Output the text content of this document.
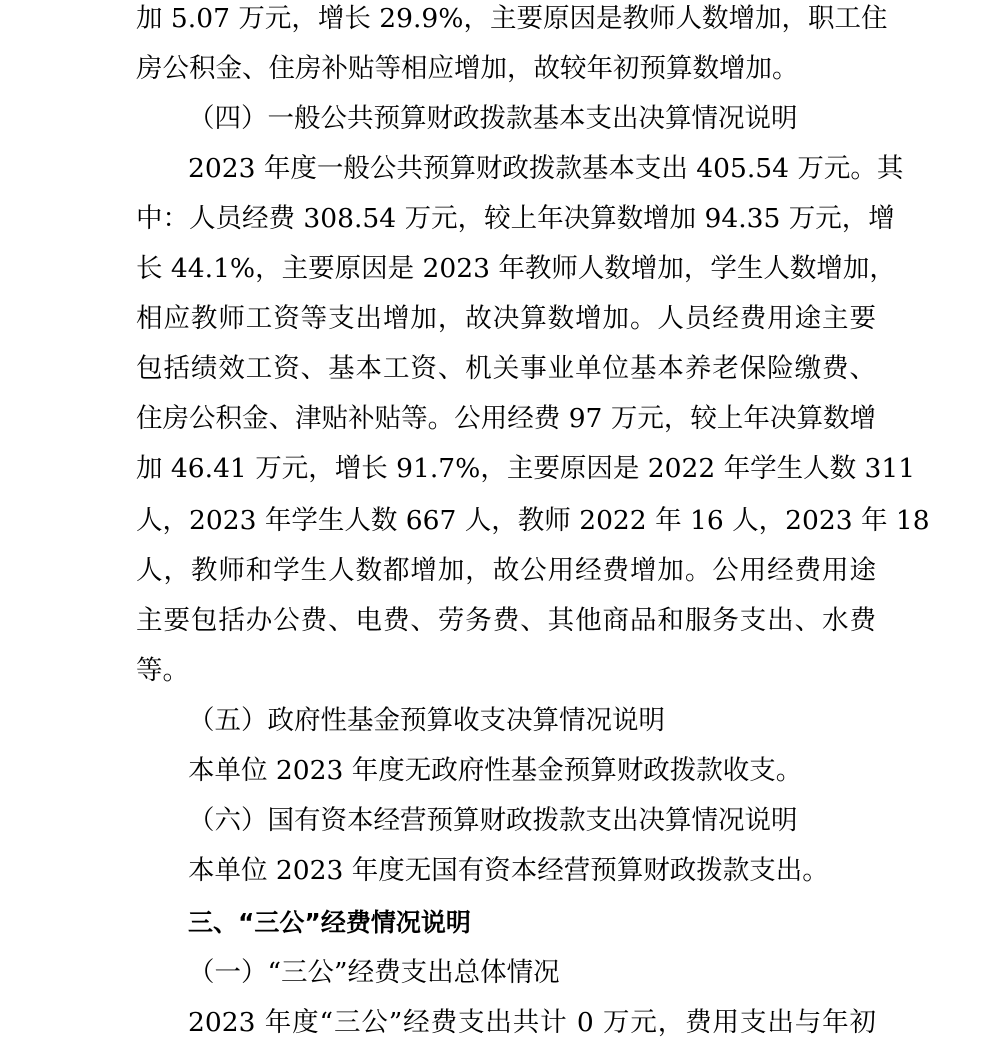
加 5.07 万元，增长 29.9%，主要原因是教师人数增加，职工住
房公积金、住房补贴等相应增加，故较年初预算数增加。
（四）一般公共预算财政拨款基本支出决算情况说明
2023 年度一般公共预算财政拨款基本支出 405.54 万元。其
中：人员经费 308.54 万元，较上年决算数增加 94.35 万元，增
长 44.1%，主要原因是 2023 年教师人数增加，学生人数增加，
相应教师工资等支出增加，故决算数增加。人员经费用途主要
包括绩效工资、基本工资、机关事业单位基本养老保险缴费、
住房公积金、津贴补贴等。公用经费 97 万元，较上年决算数增
加 46.41 万元，增长 91.7%，主要原因是 2022 年学生人数 311
人，2023 年学生人数 667 人，教师 2022 年 16 人，2023 年 18
人，教师和学生人数都增加，故公用经费增加。公用经费用途
主要包括办公费、电费、劳务费、其他商品和服务支出、水费
等。
（五）政府性基金预算收支决算情况说明
本单位 2023 年度无政府性基金预算财政拨款收支。
（六）国有资本经营预算财政拨款支出决算情况说明
本单位 2023 年度无国有资本经营预算财政拨款支出。
三、“三公”经费情况说明
（一）“三公”经费支出总体情况
2023 年度“三公”经费支出共计 0 万元，费用支出与年初
